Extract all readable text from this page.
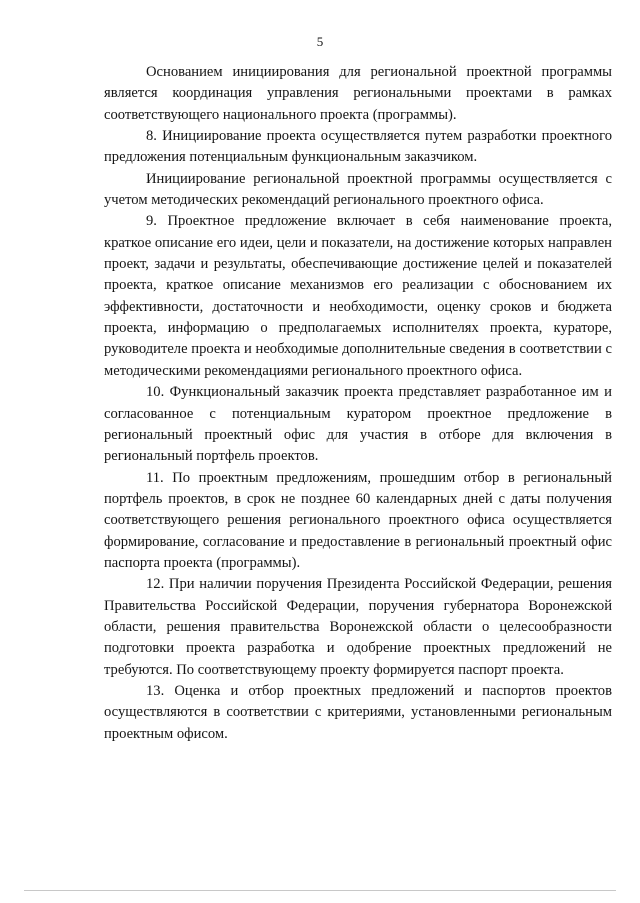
5

Основанием инициирования для региональной проектной программы является координация управления региональными проектами в рамках соответствующего национального проекта (программы).

8. Инициирование проекта осуществляется путем разработки проектного предложения потенциальным функциональным заказчиком.

Инициирование региональной проектной программы осуществляется с учетом методических рекомендаций регионального проектного офиса.

9. Проектное предложение включает в себя наименование проекта, краткое описание его идеи, цели и показатели, на достижение которых направлен проект, задачи и результаты, обеспечивающие достижение целей и показателей проекта, краткое описание механизмов его реализации с обоснованием их эффективности, достаточности и необходимости, оценку сроков и бюджета проекта, информацию о предполагаемых исполнителях проекта, кураторе, руководителе проекта и необходимые дополнительные сведения в соответствии с методическими рекомендациями регионального проектного офиса.

10. Функциональный заказчик проекта представляет разработанное им и согласованное с потенциальным куратором проектное предложение в региональный проектный офис для участия в отборе для включения в региональный портфель проектов.

11. По проектным предложениям, прошедшим отбор в региональный портфель проектов, в срок не позднее 60 календарных дней с даты получения соответствующего решения регионального проектного офиса осуществляется формирование, согласование и предоставление в региональный проектный офис паспорта проекта (программы).

12. При наличии поручения Президента Российской Федерации, решения Правительства Российской Федерации, поручения губернатора Воронежской области, решения правительства Воронежской области о целесообразности подготовки проекта разработка и одобрение проектных предложений не требуются. По соответствующему проекту формируется паспорт проекта.

13. Оценка и отбор проектных предложений и паспортов проектов осуществляются в соответствии с критериями, установленными региональным проектным офисом.
